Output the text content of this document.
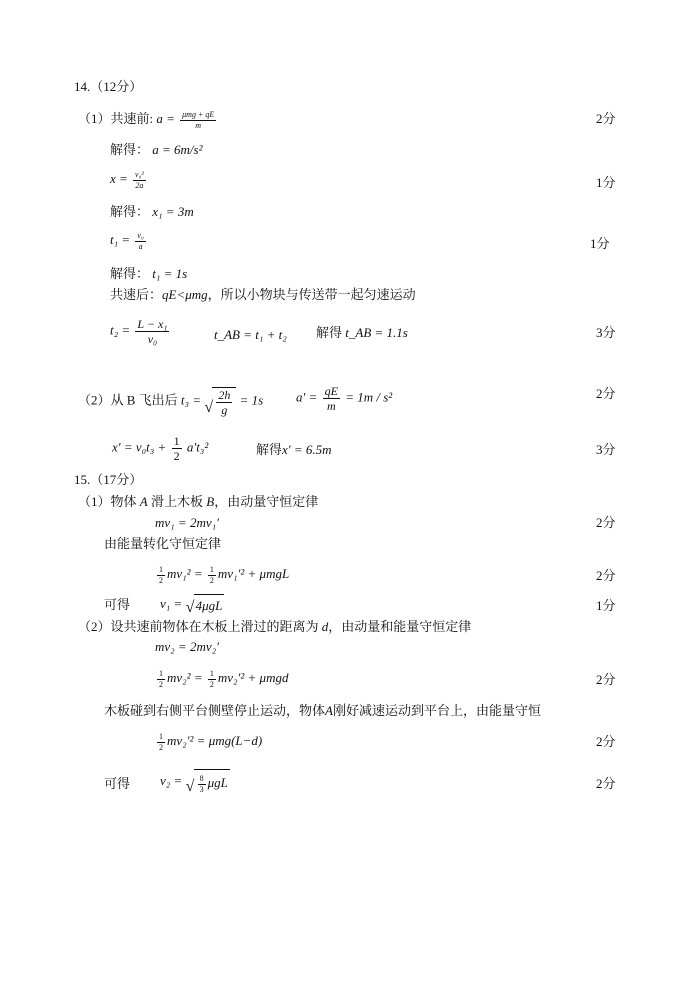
14.（12分）
（1）共速前: $a = \frac{\text{μmg + qE}}{m}$	2分
解得： a = 6m/s²
$x = \frac{\text{v₀²}}{2a}$	1分
解得： x₁ = 3m
$t_1 = \frac{\text{v₀}}{a}$	1分
解得： t₁ = 1s
共速后：qE<μmg，所以小物块与传送带一起匀速运动
$t_2 = \frac{\text{L − x₁}}{\text{v₀}}$	t_AB = t₁ + t₂ 解得 t_AB = 1.1s	3分
（2）从 B 飞出后 t₃ = √ $\frac{2h}{g} = 1s$	$a' = \frac{qE}{m} = 1m / s^2$	2分
$x' = v_0t_3 + \frac{1}{2} a't_3^2$	解得x′ = 6.5m	3分
15.（17分）
（1）物体 A 滑上木板 B，由动量守恒定律
mv₁ = 2mv₁′	2分
由能量转化守恒定律
$\frac{1}{2} mv_1^2 = \frac{1}{2} mv_1'^2 + \mu mgL$	2分
可得 v₁ = √ 4μgL	1分
（2）设共速前物体在木板上滑过的距离为 d，由动量和能量守恒定律
mv₂ = 2mv₂′
$\frac{1}{2} mv_2^2 = \frac{1}{2} mv_2'^2 + \mu mgd$	2分
木板碰到右侧平台侧壁停止运动，物体A刚好减速运动到平台上，由能量守恒
$\frac{1}{2} mv_2'^2 = \mu mg(L-d)$	2分
可得 v₂ = √ $\frac{8}{3}$ μgL	2分
